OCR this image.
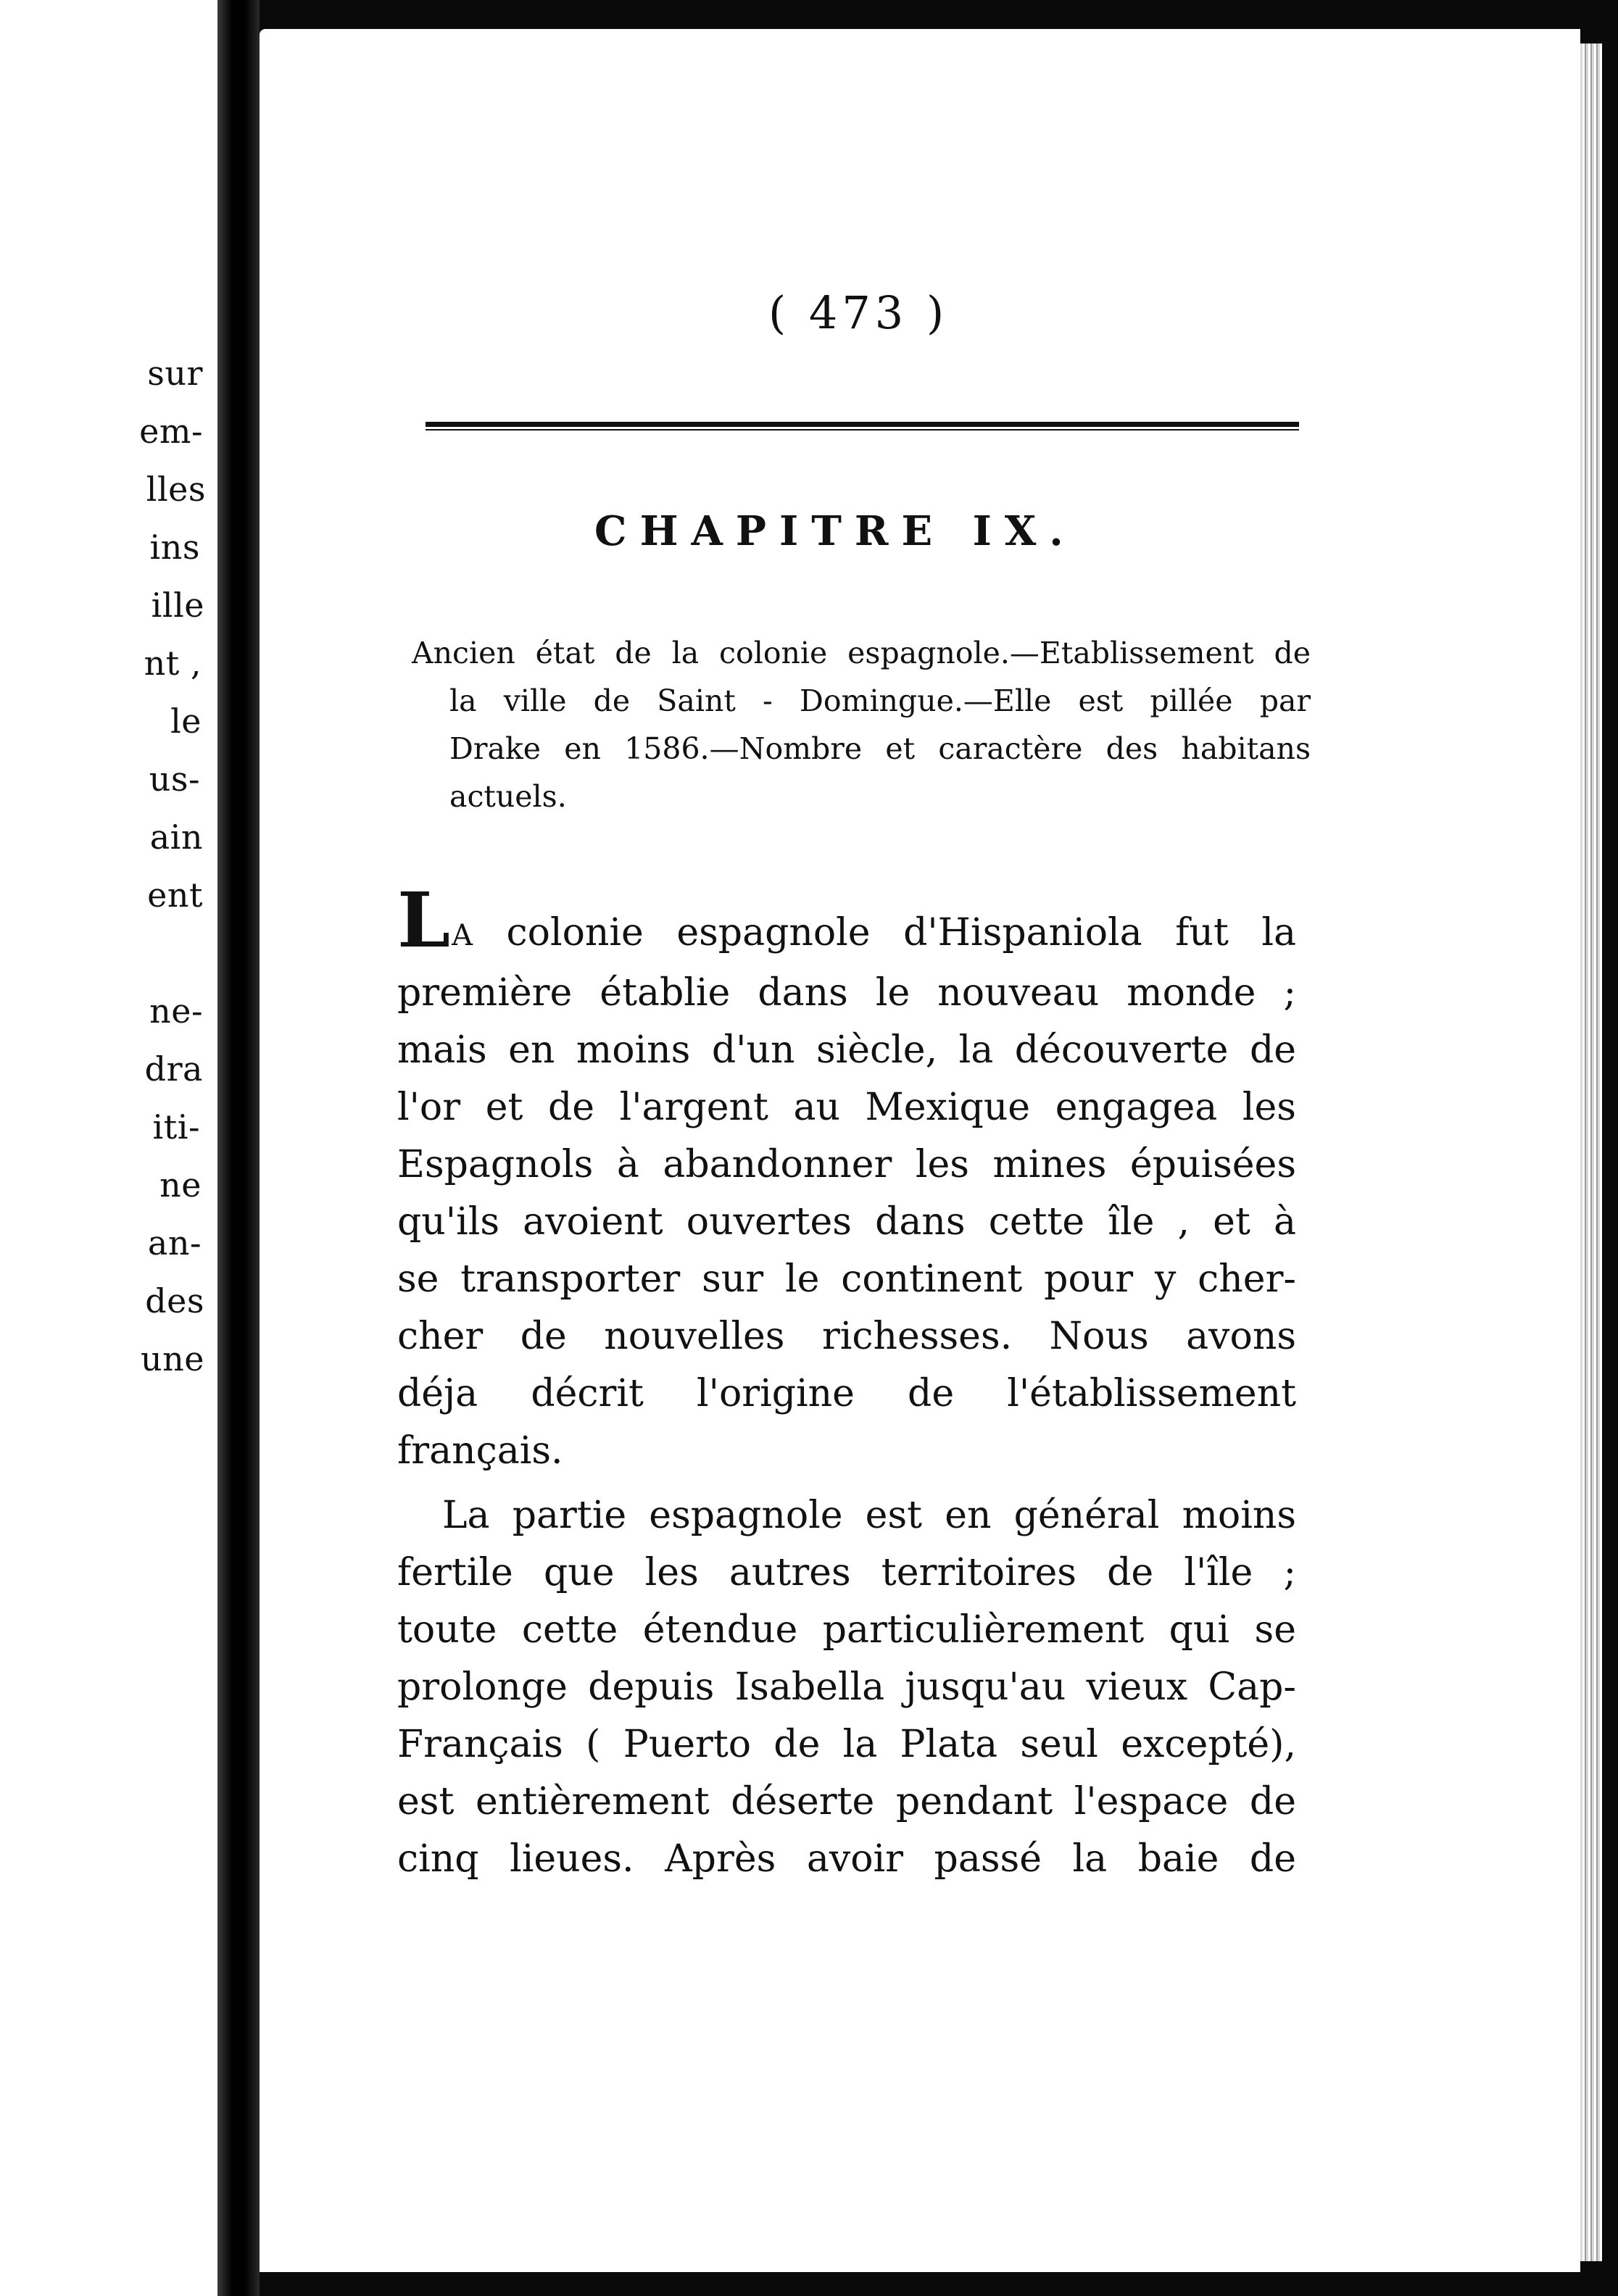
sur
em-
lles
ins
ille
nt ,
le
us-
ain
ent
ne-
dra
iti-
ne
an-
des
une
( 473 )
CHAPITRE IX.
Ancien état de la colonie espagnole.—Etablissement de
la ville de Saint - Domingue.—Elle est pillée par
Drake en 1586.—Nombre et caractère des habitans
actuels.
LA colonie espagnole d'Hispaniola fut la
première établie dans le nouveau monde ;
mais en moins d'un siècle, la découverte de
l'or et de l'argent au Mexique engagea les
Espagnols à abandonner les mines épuisées
qu'ils avoient ouvertes dans cette île , et à
se transporter sur le continent pour y cher-
cher de nouvelles richesses. Nous avons
déja décrit l'origine de l'établissement
français.
La partie espagnole est en général moins
fertile que les autres territoires de l'île ;
toute cette étendue particulièrement qui se
prolonge depuis Isabella jusqu'au vieux Cap-
Français ( Puerto de la Plata seul excepté),
est entièrement déserte pendant l'espace de
cinq lieues. Après avoir passé la baie de
